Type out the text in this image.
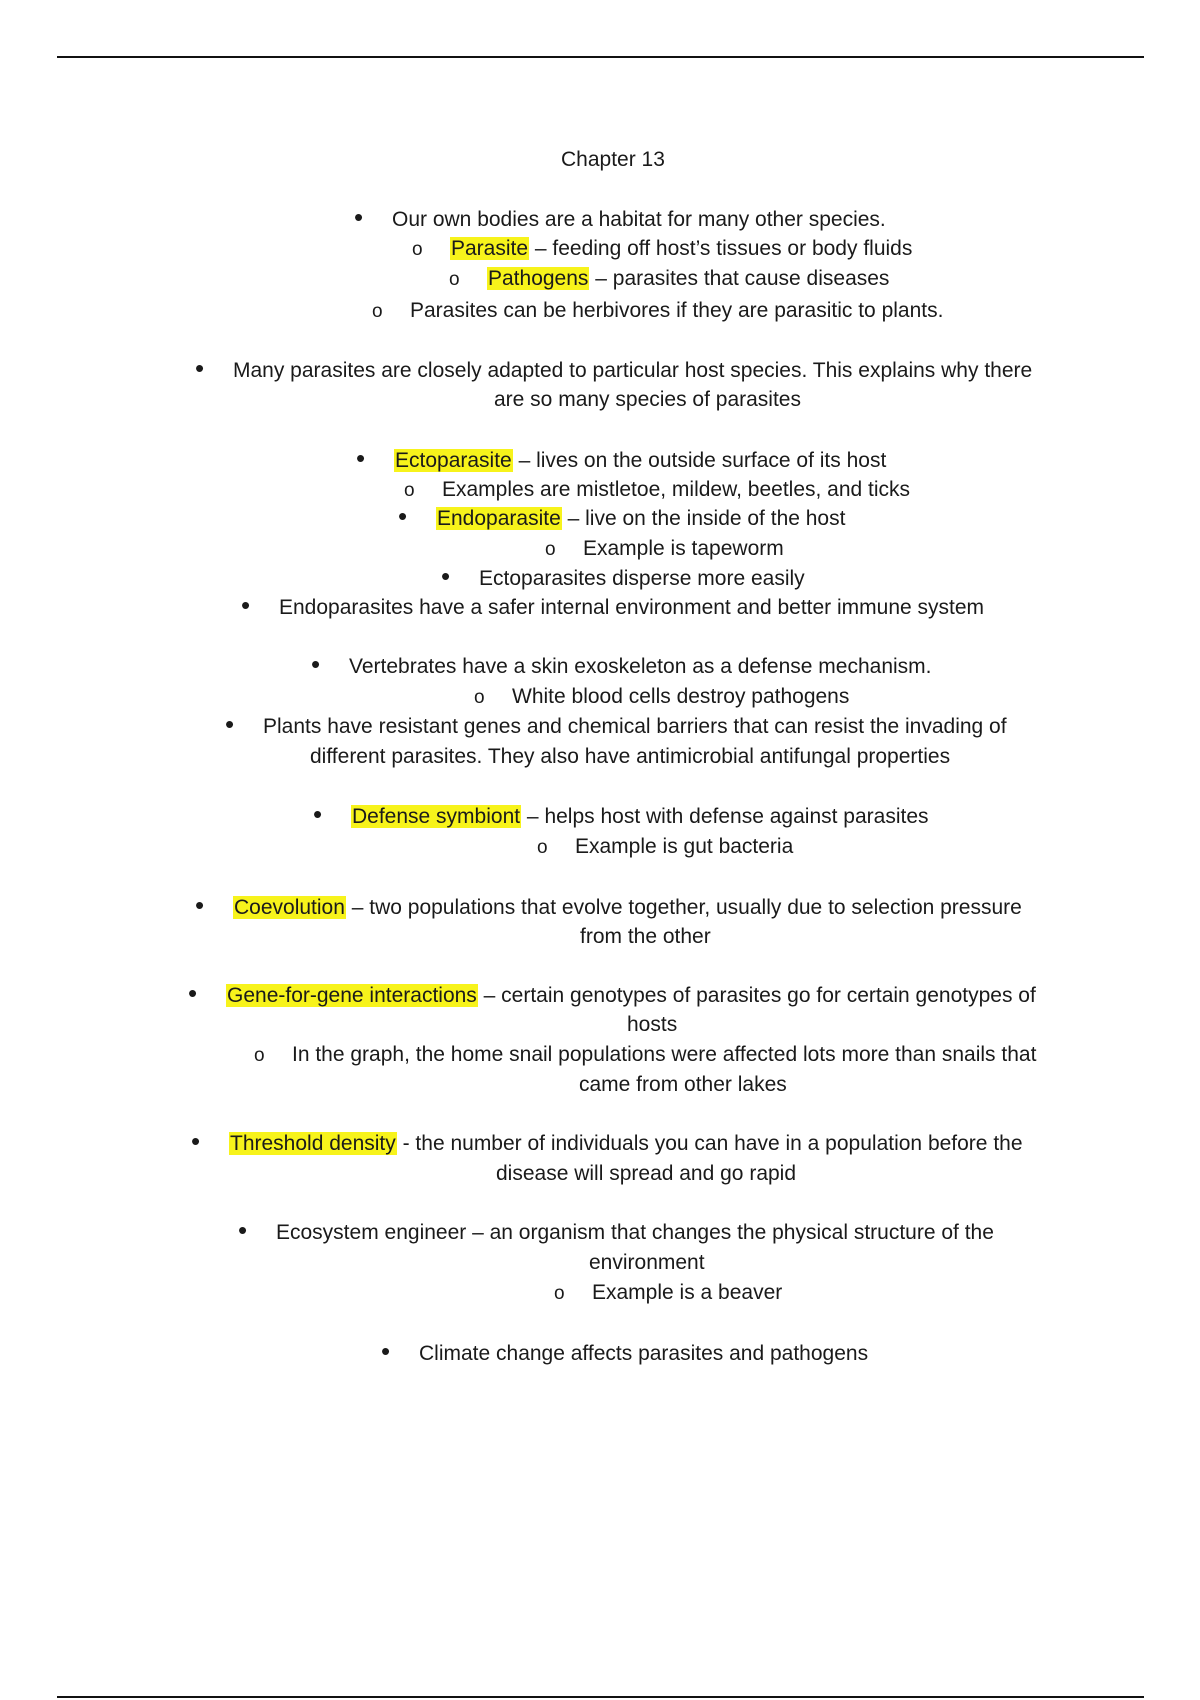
Chapter 13
•Our own bodies are a habitat for many other species.
oParasite – feeding off host’s tissues or body fluids
oPathogens – parasites that cause diseases
oParasites can be herbivores if they are parasitic to plants.
•Many parasites are closely adapted to particular host species. This explains why there
are so many species of parasites
•Ectoparasite – lives on the outside surface of its host
oExamples are mistletoe, mildew, beetles, and ticks
•Endoparasite – live on the inside of the host
oExample is tapeworm
•Ectoparasites disperse more easily
•Endoparasites have a safer internal environment and better immune system
•Vertebrates have a skin exoskeleton as a defense mechanism.
oWhite blood cells destroy pathogens
•Plants have resistant genes and chemical barriers that can resist the invading of
different parasites. They also have antimicrobial antifungal properties
•Defense symbiont – helps host with defense against parasites
oExample is gut bacteria
•Coevolution – two populations that evolve together, usually due to selection pressure
from the other
•Gene-for-gene interactions – certain genotypes of parasites go for certain genotypes of
hosts
oIn the graph, the home snail populations were affected lots more than snails that
came from other lakes
•Threshold density - the number of individuals you can have in a population before the
disease will spread and go rapid
•Ecosystem engineer – an organism that changes the physical structure of the
environment
oExample is a beaver
•Climate change affects parasites and pathogens
